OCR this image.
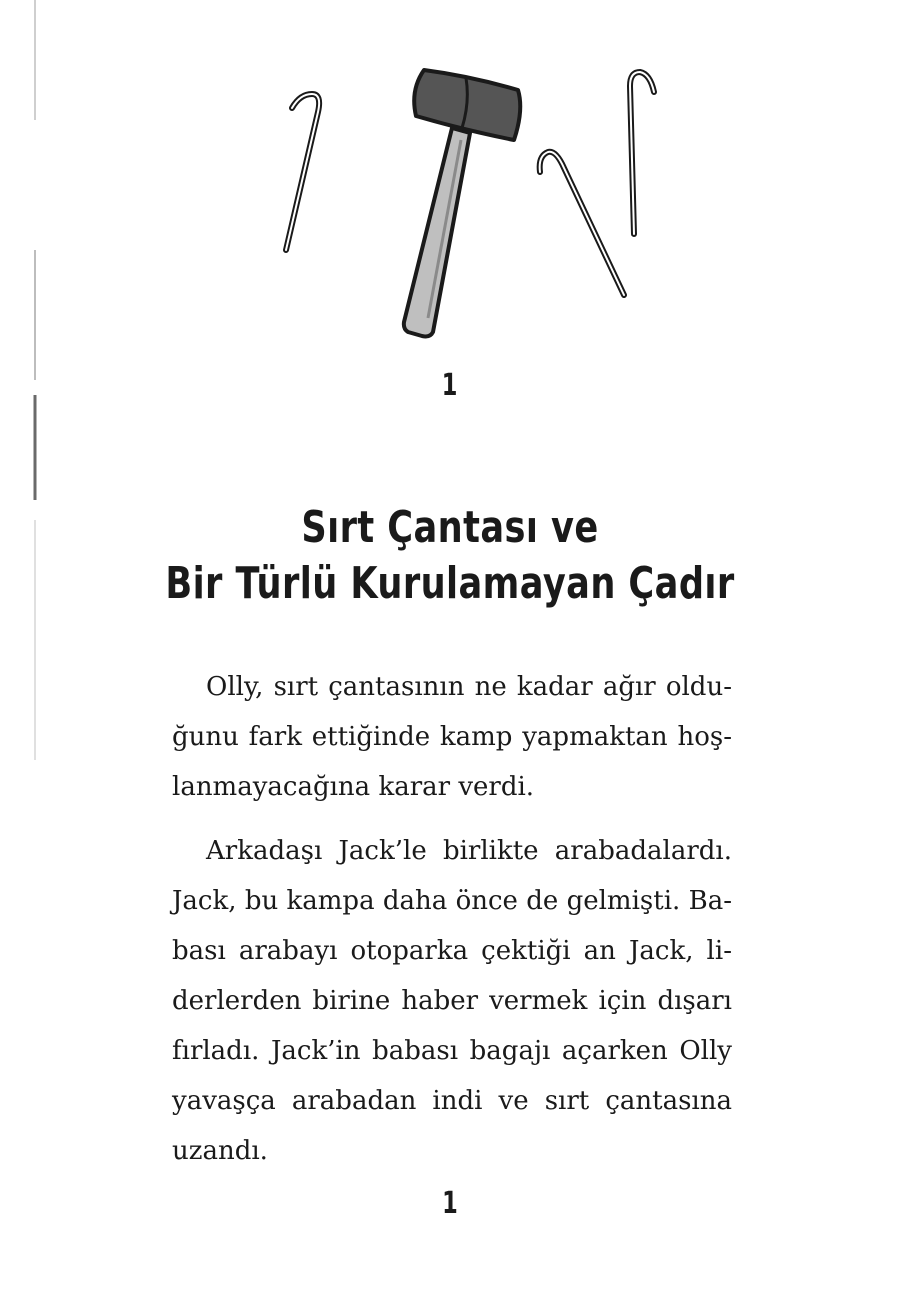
1
Sırt Çantası ve
Bir Türlü Kurulamayan Çadır

Olly, sırt çantasının ne kadar ağır olduğunu fark ettiğinde kamp yapmaktan hoşlanmayacağına karar verdi.

Arkadaşı Jack’le birlikte arabadalardı. Jack, bu kampa daha önce de gelmişti. Babası arabayı otoparka çektiği an Jack, liderlerden birine haber vermek için dışarı fırladı. Jack’in babası bagajı açarken Olly yavaşça arabadan indi ve sırt çantasına uzandı.

1
